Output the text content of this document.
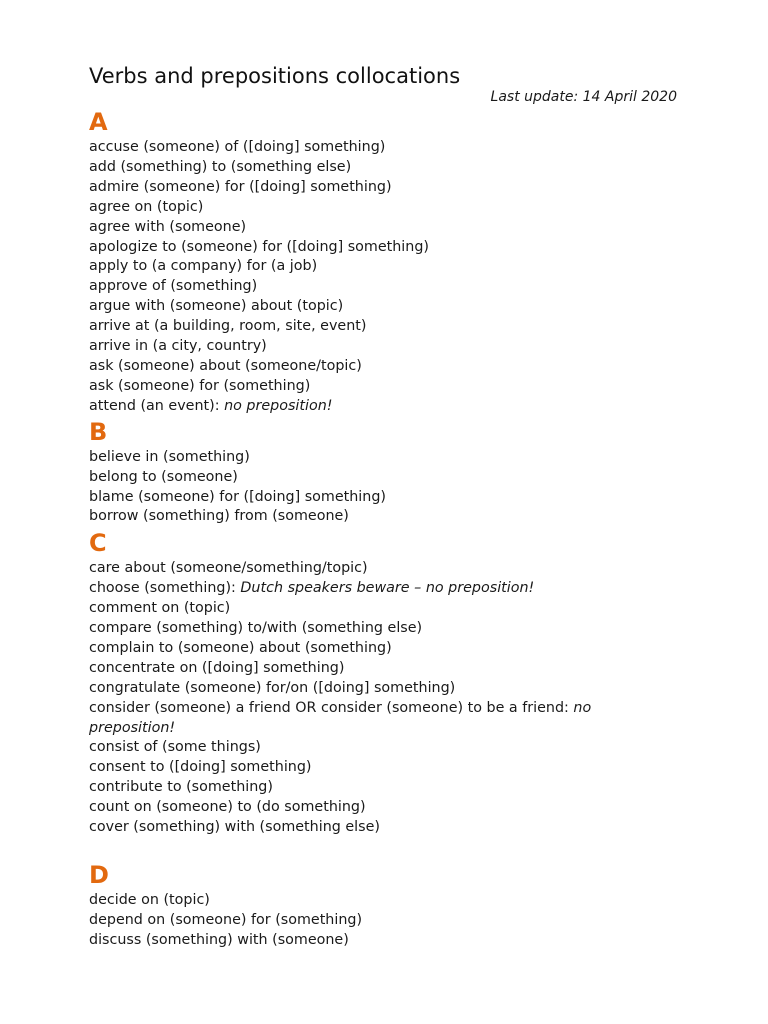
Verbs and prepositions collocations
Last update: 14 April 2020
A
accuse (someone) of ([doing] something)
add (something) to (something else)
admire (someone) for ([doing] something)
agree on (topic)
agree with (someone)
apologize to (someone) for ([doing] something)
apply to (a company) for (a job)
approve of (something)
argue with (someone) about (topic)
arrive at (a building, room, site, event)
arrive in (a city, country)
ask (someone) about (someone/topic)
ask (someone) for (something)
attend (an event): no preposition!
B
believe in (something)
belong to (someone)
blame (someone) for ([doing] something)
borrow (something) from (someone)
C
care about (someone/something/topic)
choose (something): Dutch speakers beware – no preposition!
comment on (topic)
compare (something) to/with (something else)
complain to (someone) about (something)
concentrate on ([doing] something)
congratulate (someone) for/on ([doing] something)
consider (someone) a friend OR consider (someone) to be a friend: no preposition!
consist of (some things)
consent to ([doing] something)
contribute to (something)
count on (someone) to (do something)
cover (something) with (something else)
D
decide on (topic)
depend on (someone) for (something)
discuss (something) with (someone)
